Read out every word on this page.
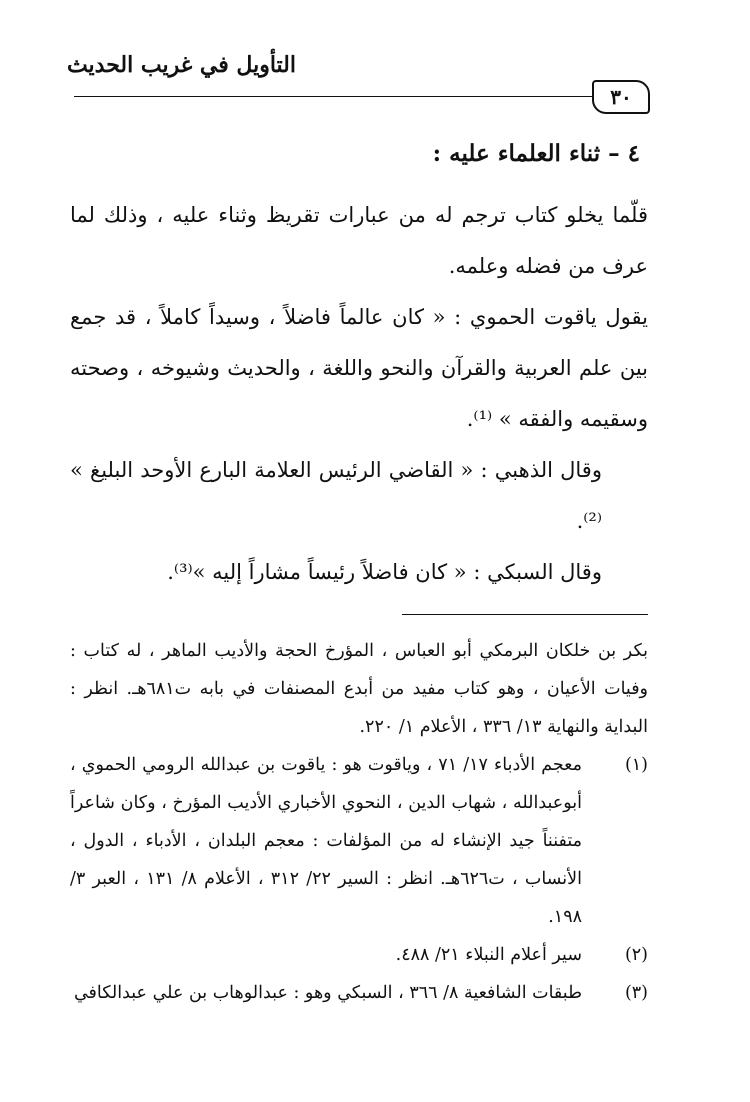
التأويل في غريب الحديث
٣٠
٤ – ثناء العلماء عليه :

قلّما يخلو كتاب ترجم له من عبارات تقريظ وثناء عليه ، وذلك لما عرف من فضله وعلمه.

يقول ياقوت الحموي : « كان عالماً فاضلاً ، وسيداً كاملاً ، قد جمع بين علم العربية والقرآن والنحو واللغة ، والحديث وشيوخه ، وصحته وسقيمه والفقه » ⁽¹⁾.

وقال الذهبي : « القاضي الرئيس العلامة البارع الأوحد البليغ » ⁽²⁾.

وقال السبكي : « كان فاضلاً رئيساً مشاراً إليه »⁽³⁾.

بكر بن خلكان البرمكي أبو العباس ، المؤرخ الحجة والأديب الماهر ، له كتاب : وفيات الأعيان ، وهو كتاب مفيد من أبدع المصنفات في بابه ت٦٨١هـ. انظر : البداية والنهاية ١٣/ ٣٣٦ ، الأعلام ١/ ٢٢٠.

(١)
معجم الأدباء ١٧/ ٧١ ، وياقوت هو : ياقوت بن عبدالله الرومي الحموي ، أبوعبدالله ، شهاب الدين ، النحوي الأخباري الأديب المؤرخ ، وكان شاعراً متفنناً جيد الإنشاء له من المؤلفات : معجم البلدان ، الأدباء ، الدول ، الأنساب ، ت٦٢٦هـ. انظر : السير ٢٢/ ٣١٢ ، الأعلام ٨/ ١٣١ ، العبر ٣/ ١٩٨.
(٢)
سير أعلام النبلاء ٢١/ ٤٨٨.
(٣)
طبقات الشافعية ٨/ ٣٦٦ ، السبكي وهو : عبدالوهاب بن علي عبدالكافي
